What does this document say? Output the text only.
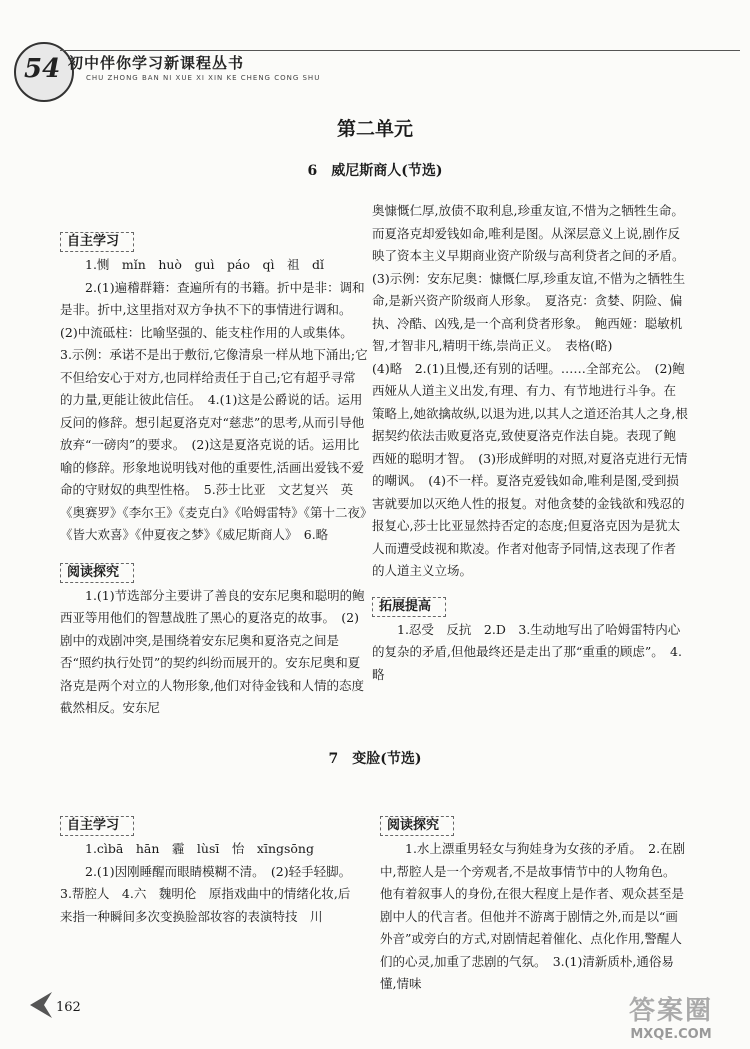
54 初中伴你学习新课程丛书
CHU ZHONG BAN NI XUE XI XIN KE CHENG CONG SHU
第二单元
6　威尼斯商人(节选)
自主学习

1.恻　mǐn　huò　guì　páo　qì　祖　dǐ

2.(1)遍稽群籍：查遍所有的书籍。折中是非：调和是非。折中,这里指对双方争执不下的事情进行调和。　(2)中流砥柱：比喻坚强的、能支柱作用的人或集体。　3.示例：承诺不是出于敷衍,它像清泉一样从地下涌出;它不但给安心于对方,也同样给责任于自己;它有超乎寻常的力量,更能让彼此信任。　4.(1)这是公爵说的话。运用反问的修辞。想引起夏洛克对“慈悲”的思考,从而引导他放弃“一磅肉”的要求。　(2)这是夏洛克说的话。运用比喻的修辞。形象地说明钱对他的重要性,活画出爱钱不爱命的守财奴的典型性格。　5.莎士比亚　文艺复兴　英　《奥赛罗》《李尔王》《麦克白》《哈姆雷特》《第十二夜》《皆大欢喜》《仲夏夜之梦》《威尼斯商人》　6.略

阅读探究

1.(1)节选部分主要讲了善良的安东尼奥和聪明的鲍西亚等用他们的智慧战胜了黑心的夏洛克的故事。　(2)剧中的戏剧冲突,是围绕着安东尼奥和夏洛克之间是否“照约执行处罚”的契约纠纷而展开的。安东尼奥和夏洛克是两个对立的人物形象,他们对待金钱和人情的态度截然相反。安东尼

奥慷慨仁厚,放债不取利息,珍重友谊,不惜为之牺牲生命。而夏洛克却爱钱如命,唯利是图。从深层意义上说,剧作反映了资本主义早期商业资产阶级与高利贷者之间的矛盾。　(3)示例：安东尼奥：慷慨仁厚,珍重友谊,不惜为之牺牲生命,是新兴资产阶级商人形象。　夏洛克：贪婪、阴险、偏执、冷酷、凶残,是一个高利贷者形象。　鲍西娅：聪敏机智,才智非凡,精明干练,崇尚正义。　表格(略)

(4)略　2.(1)且慢,还有别的话哩。……全部充公。　(2)鲍西娅从人道主义出发,有理、有力、有节地进行斗争。在策略上,她欲擒故纵,以退为进,以其人之道还治其人之身,根据契约依法击败夏洛克,致使夏洛克作法自毙。表现了鲍西娅的聪明才智。　(3)形成鲜明的对照,对夏洛克进行无情的嘲讽。　(4)不一样。夏洛克爱钱如命,唯利是图,受到损害就要加以灭绝人性的报复。对他贪婪的金钱欲和残忍的报复心,莎士比亚显然持否定的态度;但夏洛克因为是犹太人而遭受歧视和欺凌。作者对他寄予同情,这表现了作者的人道主义立场。

拓展提高

1.忍受　反抗　2.D　3.生动地写出了哈姆雷特内心的复杂的矛盾,但他最终还是走出了那“重重的顾虑”。　4.略

7　变脸(节选)
自主学习

1.cìbā　hān　霾　lùsī　怡　xīngsōng

2.(1)因刚睡醒而眼睛模糊不清。　(2)轻手轻脚。　3.帮腔人　4.六　魏明伦　原指戏曲中的情绪化妆,后来指一种瞬间多次变换脸部妆容的表演特技　川

阅读探究

1.水上漂重男轻女与狗娃身为女孩的矛盾。　2.在剧中,帮腔人是一个旁观者,不是故事情节中的人物角色。他有着叙事人的身份,在很大程度上是作者、观众甚至是剧中人的代言者。但他并不游离于剧情之外,而是以“画外音”或旁白的方式,对剧情起着催化、点化作用,警醒人们的心灵,加重了悲剧的气氛。　3.(1)清新质朴,通俗易懂,情味

162	答案圈
MXQE.COM
